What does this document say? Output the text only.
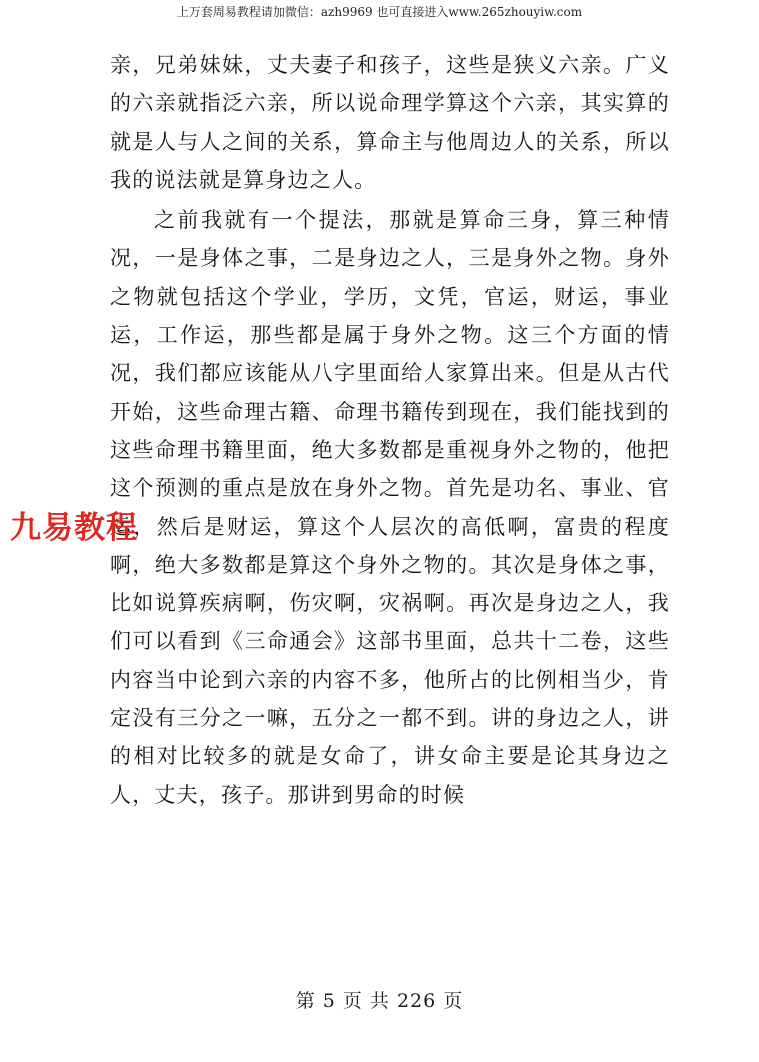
上万套周易教程请加微信：azh9969 也可直接进入www.265zhouyiw.com

亲，兄弟妹妹，丈夫妻子和孩子，这些是狭义六亲。广义的六亲就指泛六亲，所以说命理学算这个六亲，其实算的就是人与人之间的关系，算命主与他周边人的关系，所以我的说法就是算身边之人。

之前我就有一个提法，那就是算命三身，算三种情况，一是身体之事，二是身边之人，三是身外之物。身外之物就包括这个学业，学历，文凭，官运，财运，事业运，工作运，那些都是属于身外之物。这三个方面的情况，我们都应该能从八字里面给人家算出来。但是从古代开始，这些命理古籍、命理书籍传到现在，我们能找到的这些命理书籍里面，绝大多数都是重视身外之物的，他把这个预测的重点是放在身外之物。首先是功名、事业、官运，然后是财运，算这个人层次的高低啊，富贵的程度啊，绝大多数都是算这个身外之物的。其次是身体之事，比如说算疾病啊，伤灾啊，灾祸啊。再次是身边之人，我们可以看到《三命通会》这部书里面，总共十二卷，这些内容当中论到六亲的内容不多，他所占的比例相当少，肯定没有三分之一嘛，五分之一都不到。讲的身边之人，讲的相对比较多的就是女命了，讲女命主要是论其身边之人，丈夫，孩子。那讲到男命的时候

九易教程
第 5 页 共 226 页
